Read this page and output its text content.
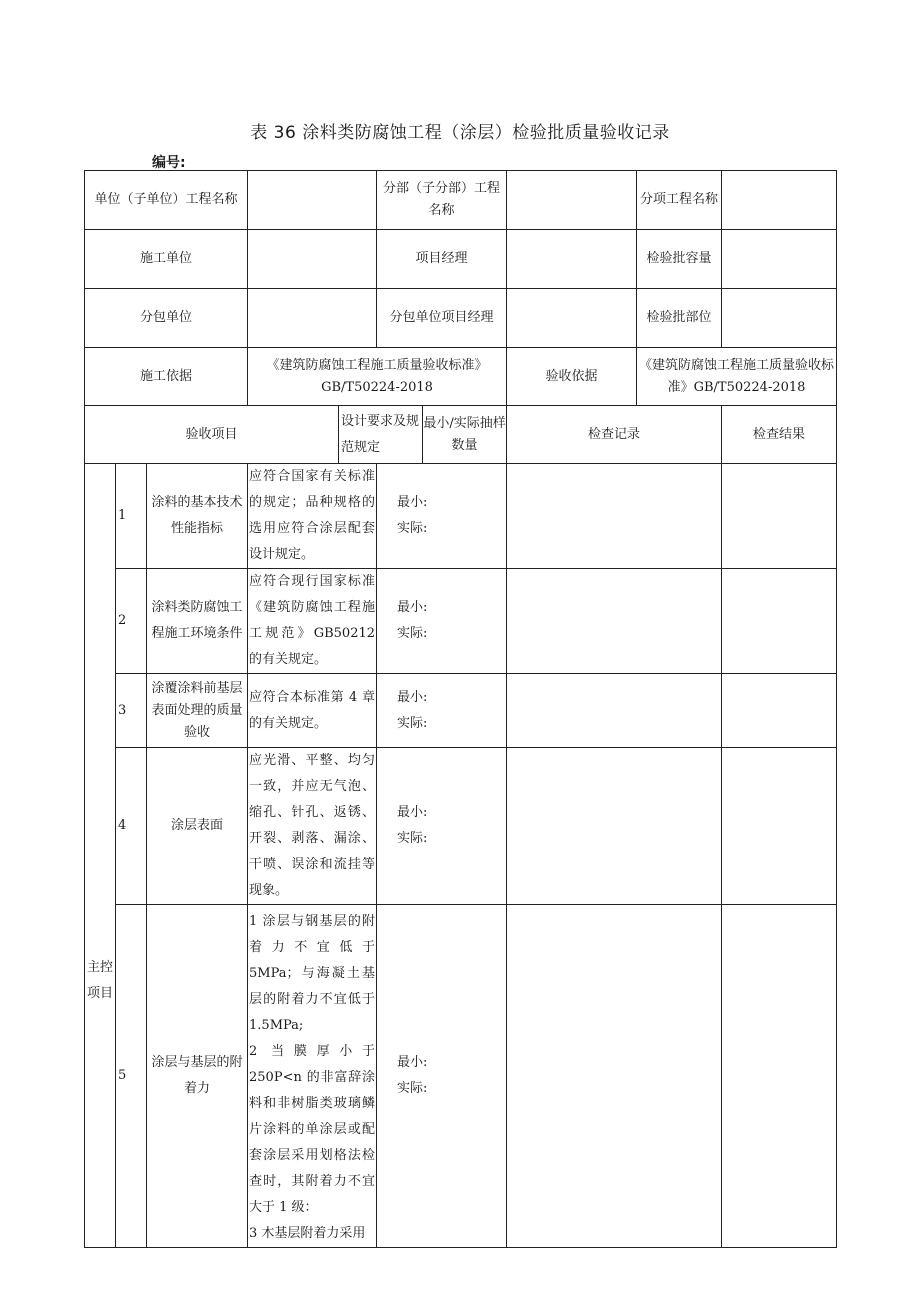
表 36 涂料类防腐蚀工程（涂层）检验批质量验收记录
编号:
单位（子单位）工程名称					分部（子分部）工程名称			分项工程名称	
施工单位					项目经理			检验批容量	
分包单位					分包单位项目经理			检验批部位	
施工依据			《建筑防腐蚀工程施工质量验收标准》GB/T50224-2018				验收依据	《建筑防腐蚀工程施工质量验收标准》GB/T50224-2018	
验收项目				设计要求及规范规定		最小/实际抽样数量	检查记录		检查结果
主控项目	1	涂料的基本技术性能指标	应符合国家有关标准的规定；品种规格的选用应符合涂层配套设计规定。		最小:
实际:				
	2	涂料类防腐蚀工程施工环境条件	应符合现行国家标准《建筑防腐蚀工程施工规范》GB50212 的有关规定。		最小:
实际:				
	3	涂覆涂料前基层表面处理的质量验收	应符合本标准第 4 章的有关规定。		最小:
实际:				
	4	涂层表面	应光滑、平整、均匀一致，并应无气泡、缩孔、针孔、返锈、开裂、剥落、漏涂、干喷、误涂和流挂等现象。		最小:
实际:				
	5	涂层与基层的附着力	1 涂层与钢基层的附着力不宜低于 5MPa；与海凝土基层的附着力不宜低于 1.5MPa;
2 当膜厚小于 250P<n 的非富辞涂料和非树脂类玻璃鳞片涂料的单涂层或配套涂层采用划格法检查时，其附着力不宜大于 1 级：
3 木基层附着力采用		最小:
实际:				
